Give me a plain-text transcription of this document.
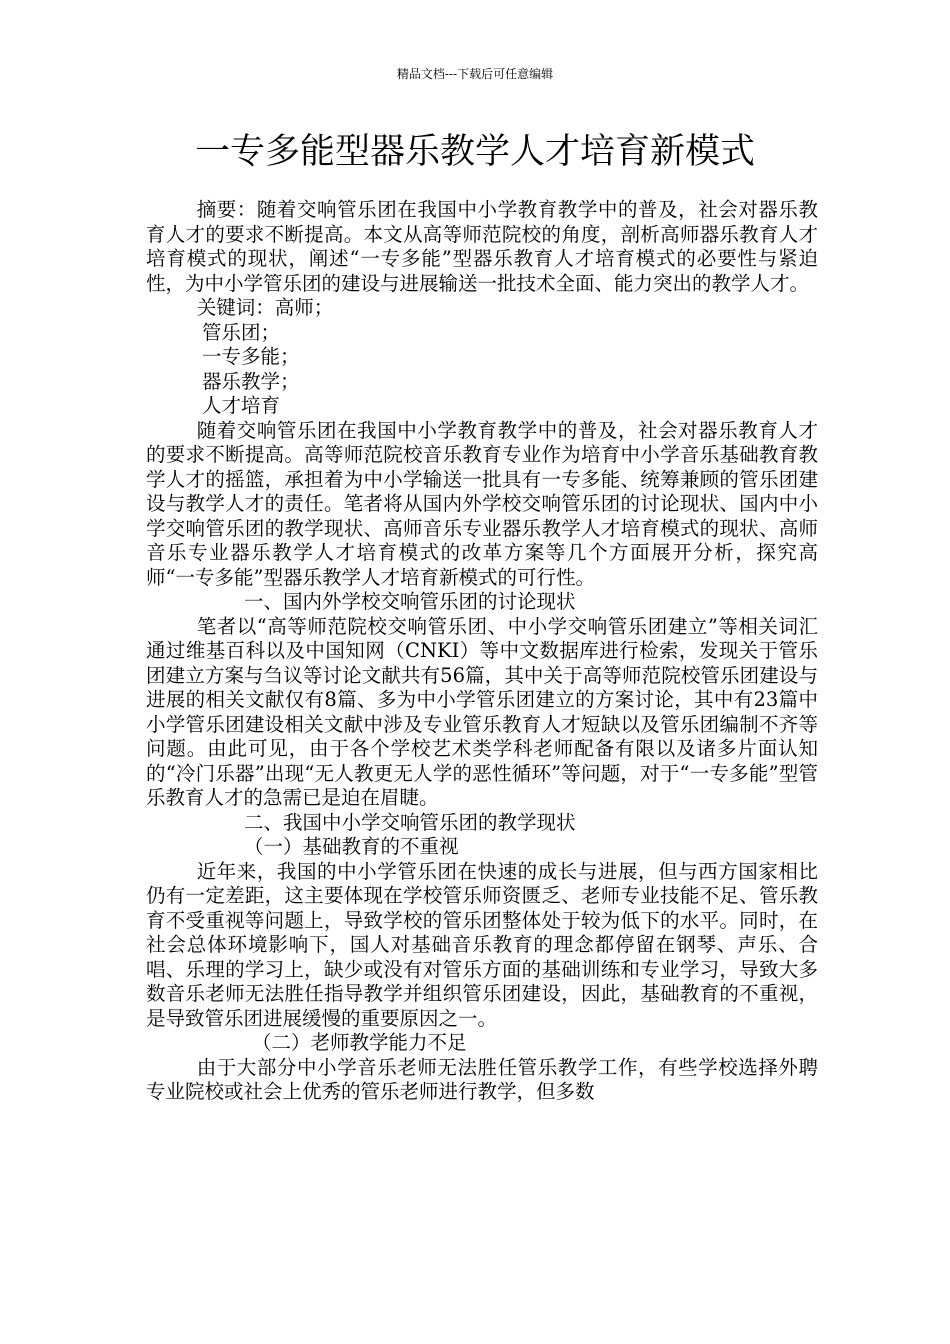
精品文档---下载后可任意编辑
一专多能型器乐教学人才培育新模式

摘要：随着交响管乐团在我国中小学教育教学中的普及，社会对器乐教育人才的要求不断提高。本文从高等师范院校的角度，剖析高师器乐教育人才培育模式的现状，阐述“一专多能”型器乐教育人才培育模式的必要性与紧迫性，为中小学管乐团的建设与进展输送一批技术全面、能力突出的教学人才。

关键词：高师；

管乐团；

一专多能；

器乐教学；

人才培育

随着交响管乐团在我国中小学教育教学中的普及，社会对器乐教育人才的要求不断提高。高等师范院校音乐教育专业作为培育中小学音乐基础教育教学人才的摇篮，承担着为中小学输送一批具有一专多能、统筹兼顾的管乐团建设与教学人才的责任。笔者将从国内外学校交响管乐团的讨论现状、国内中小学交响管乐团的教学现状、高师音乐专业器乐教学人才培育模式的现状、高师音乐专业器乐教学人才培育模式的改革方案等几个方面展开分析，探究高师“一专多能”型器乐教学人才培育新模式的可行性。

一、国内外学校交响管乐团的讨论现状

笔者以“高等师范院校交响管乐团、中小学交响管乐团建立”等相关词汇通过维基百科以及中国知网（CNKI）等中文数据库进行检索，发现关于管乐团建立方案与刍议等讨论文献共有56篇，其中关于高等师范院校管乐团建设与进展的相关文献仅有8篇、多为中小学管乐团建立的方案讨论，其中有23篇中小学管乐团建设相关文献中涉及专业管乐教育人才短缺以及管乐团编制不齐等问题。由此可见，由于各个学校艺术类学科老师配备有限以及诸多片面认知的“冷门乐器”出现“无人教更无人学的恶性循环”等问题，对于“一专多能”型管乐教育人才的急需已是迫在眉睫。

二、我国中小学交响管乐团的教学现状

（一）基础教育的不重视

近年来，我国的中小学管乐团在快速的成长与进展，但与西方国家相比仍有一定差距，这主要体现在学校管乐师资匮乏、老师专业技能不足、管乐教育不受重视等问题上，导致学校的管乐团整体处于较为低下的水平。同时，在社会总体环境影响下，国人对基础音乐教育的理念都停留在钢琴、声乐、合唱、乐理的学习上，缺少或没有对管乐方面的基础训练和专业学习，导致大多数音乐老师无法胜任指导教学并组织管乐团建设，因此，基础教育的不重视，是导致管乐团进展缓慢的重要原因之一。

（二）老师教学能力不足

由于大部分中小学音乐老师无法胜任管乐教学工作，有些学校选择外聘专业院校或社会上优秀的管乐老师进行教学，但多数
